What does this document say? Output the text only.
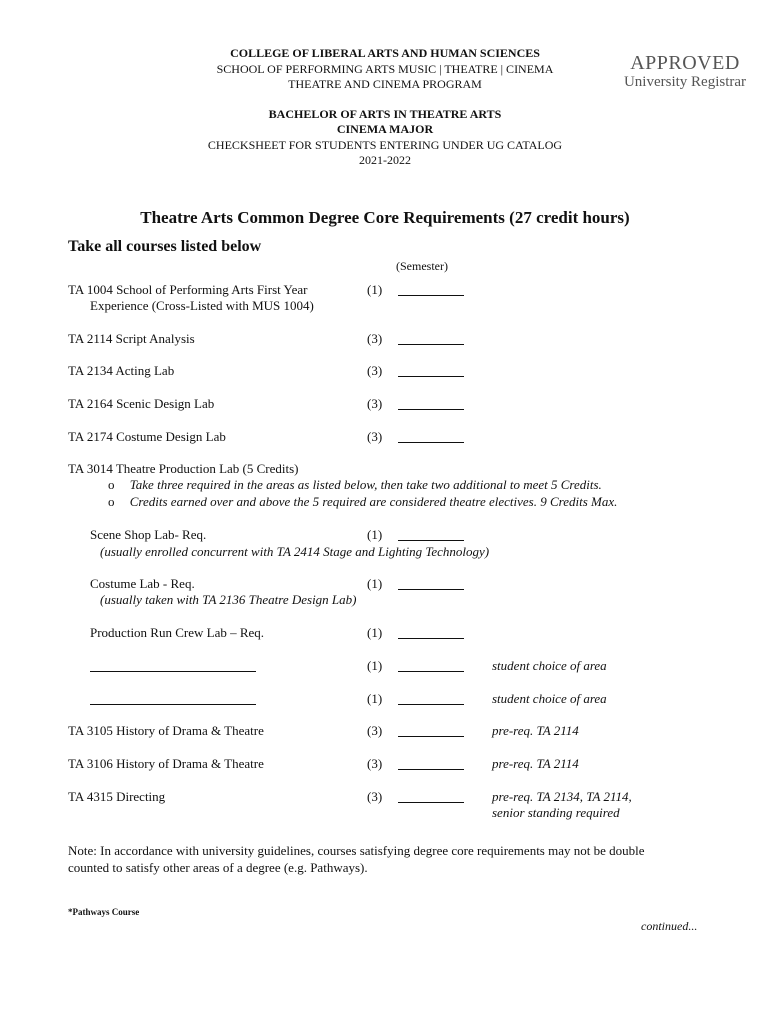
COLLEGE OF LIBERAL ARTS AND HUMAN SCIENCES
SCHOOL OF PERFORMING ARTS MUSIC | THEATRE | CINEMA
THEATRE AND CINEMA PROGRAM
BACHELOR OF ARTS IN THEATRE ARTS
CINEMA MAJOR
CHECKSHEET FOR STUDENTS ENTERING UNDER UG CATALOG
2021-2022
APPROVED
University Registrar
Theatre Arts Common Degree Core Requirements (27 credit hours)
Take all courses listed below
(Semester)
TA 1004 School of Performing Arts First Year
Experience (Cross-Listed with MUS 1004)
(1)
TA 2114 Script Analysis	(3)
TA 2134 Acting Lab	(3)
TA 2164 Scenic Design Lab	(3)
TA 2174 Costume Design Lab	(3)
TA 3014 Theatre Production Lab (5 Credits)
o Take three required in the areas as listed below, then take two additional to meet 5 Credits.
o Credits earned over and above the 5 required are considered theatre electives. 9 Credits Max.
Scene Shop Lab- Req.	(1)
(usually enrolled concurrent with TA 2414 Stage and Lighting Technology)
Costume Lab - Req.	(1)
(usually taken with TA 2136 Theatre Design Lab)
Production Run Crew Lab – Req.	(1)
(1)	student choice of area
(1)	student choice of area
TA 3105 History of Drama & Theatre	(3)	pre-req. TA 2114
TA 3106 History of Drama & Theatre	(3)	pre-req. TA 2114
TA 4315 Directing	(3)	pre-req. TA 2134, TA 2114,
senior standing required
Note: In accordance with university guidelines, courses satisfying degree core requirements may not be double counted to satisfy other areas of a degree (e.g. Pathways).
*Pathways Course
continued...
